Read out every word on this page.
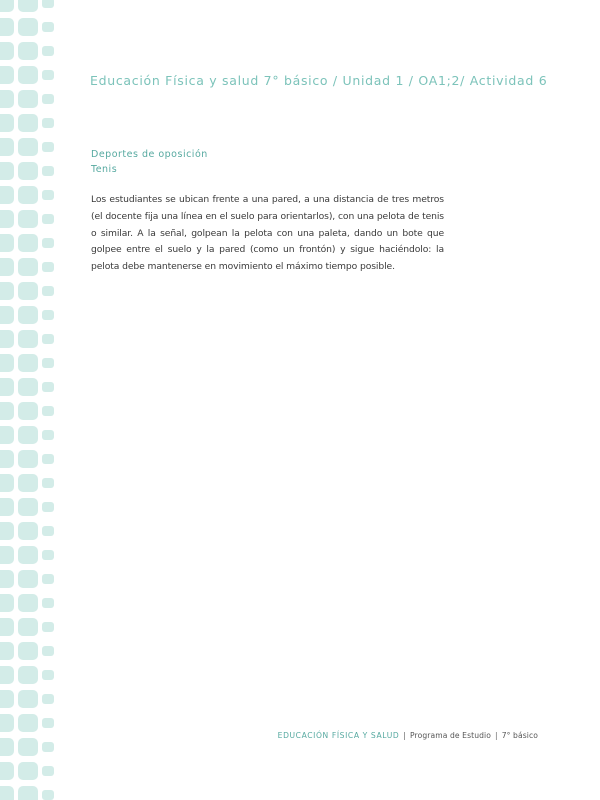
Educación Física y salud 7° básico / Unidad 1 / OA1;2/ Actividad 6
Deportes de oposición
Tenis

Los estudiantes se ubican frente a una pared, a una distancia de tres metros (el docente fija una línea en el suelo para orientarlos), con una pelota de tenis o similar. A la señal, golpean la pelota con una paleta, dando un bote que golpee entre el suelo y la pared (como un frontón) y sigue haciéndolo: la pelota debe mantenerse en movimiento el máximo tiempo posible.

EDUCACIÓN FÍSICA Y SALUD | Programa de Estudio | 7° básico
